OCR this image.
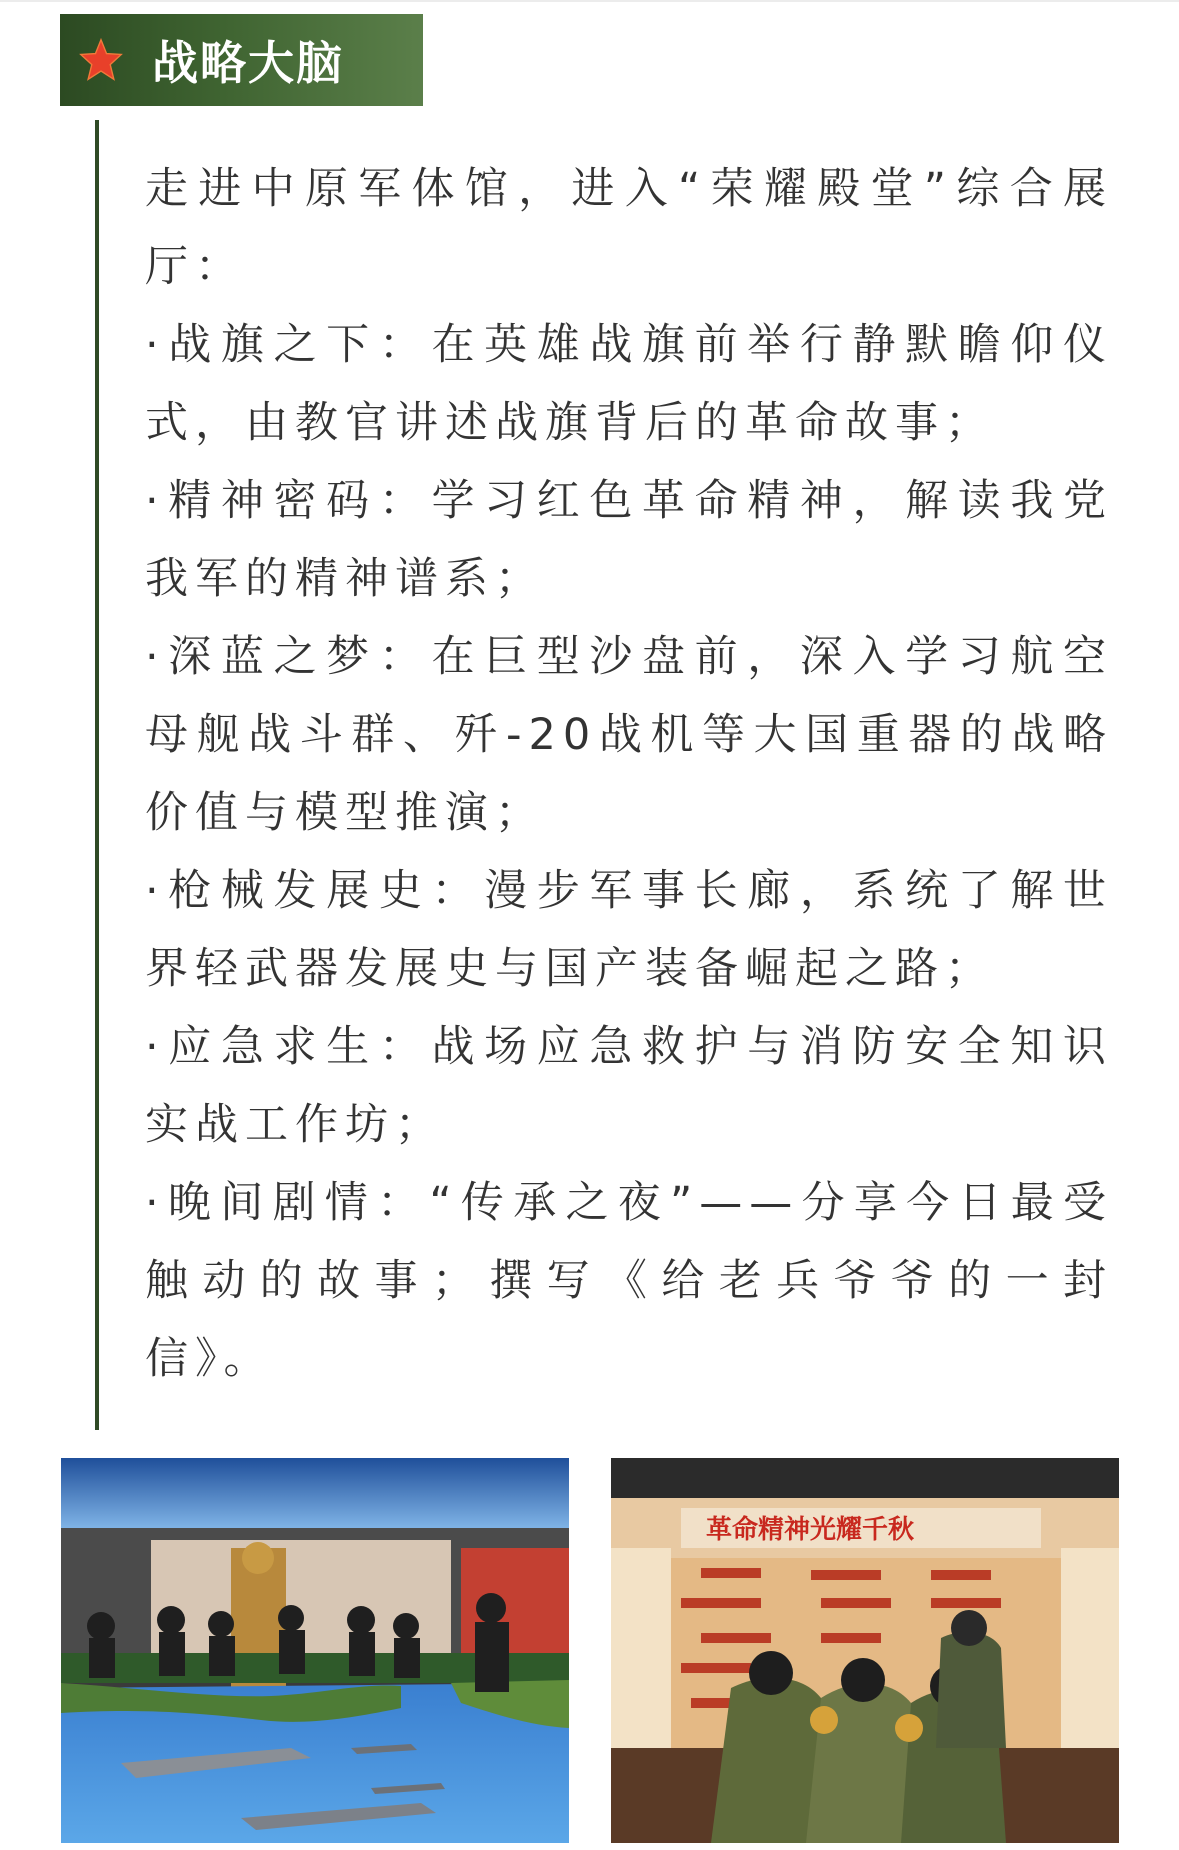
战略大脑

走进中原军体馆，进入“荣耀殿堂”综合展厅：

·战旗之下：在英雄战旗前举行静默瞻仰仪式，由教官讲述战旗背后的革命故事；

·精神密码：学习红色革命精神，解读我党我军的精神谱系；

·深蓝之梦：在巨型沙盘前，深入学习航空母舰战斗群、歼-20战机等大国重器的战略价值与模型推演；

·枪械发展史：漫步军事长廊，系统了解世界轻武器发展史与国产装备崛起之路；

·应急求生：战场应急救护与消防安全知识实战工作坊；

·晚间剧情：“传承之夜”——分享今日最受触动的故事；撰写《给老兵爷爷的一封信》。

革命精神光耀千秋
